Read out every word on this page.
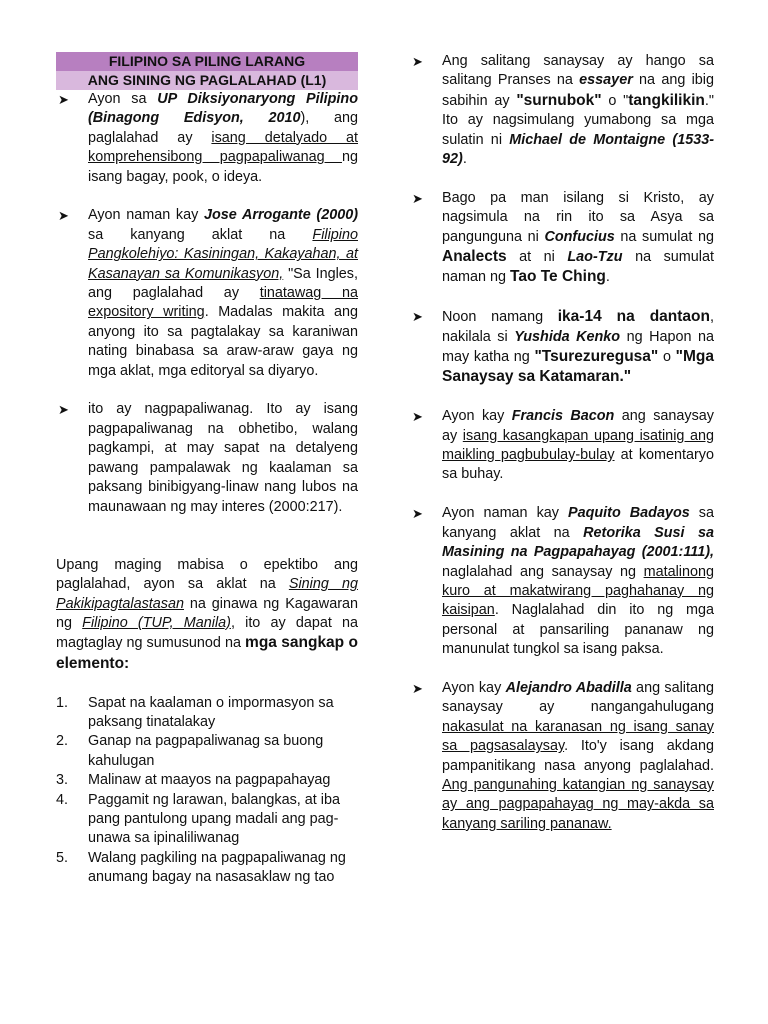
FILIPINO SA PILING LARANG
ANG SINING NG PAGLALAHAD (L1)
➤ Ayon sa UP Diksiyonaryong Pilipino (Binagong Edisyon, 2010), ang paglalahad ay isang detalyado at komprehensibong pagpapaliwanag ng isang bagay, pook, o ideya.
➤ Ayon naman kay Jose Arrogante (2000) sa kanyang aklat na Filipino Pangkolehiyo: Kasiningan, Kakayahan, at Kasanayan sa Komunikasyon, "Sa Ingles, ang paglalahad ay tinatawag na expository writing. Madalas makita ang anyong ito sa pagtalakay sa karaniwan nating binabasa sa araw-araw gaya ng mga aklat, mga editoryal sa diyaryo.
➤ ito ay nagpapaliwanag. Ito ay isang pagpapaliwanag na obhetibo, walang pagkampi, at may sapat na detalyeng pawang pampalawak ng kaalaman sa paksang binibigyang-linaw nang lubos na maunawaan ng may interes (2000:217).

Upang maging mabisa o epektibo ang paglalahad, ayon sa aklat na Sining ng Pakikipagtalastasan na ginawa ng Kagawaran ng Filipino (TUP, Manila), ito ay dapat na magtaglay ng sumusunod na mga sangkap o elemento:

1. Sapat na kaalaman o impormasyon sa paksang tinatalakay
2. Ganap na pagpapaliwanag sa buong kahulugan
3. Malinaw at maayos na pagpapahayag
4. Paggamit ng larawan, balangkas, at iba pang pantulong upang madali ang pag-unawa sa ipinaliliwanag
5. Walang pagkiling na pagpapaliwanag ng anumang bagay na nasasaklaw ng tao
➤ Ang salitang sanaysay ay hango sa salitang Pranses na essayer na ang ibig sabihin ay "surnubok" o "tangkilikin." Ito ay nagsimulang yumabong sa mga sulatin ni Michael de Montaigne (1533-92).
➤ Bago pa man isilang si Kristo, ay nagsimula na rin ito sa Asya sa pangunguna ni Confucius na sumulat ng Analects at ni Lao-Tzu na sumulat naman ng Tao Te Ching.
➤ Noon namang ika-14 na dantaon, nakilala si Yushida Kenko ng Hapon na may katha ng "Tsurezuregusa" o "Mga Sanaysay sa Katamaran."
➤ Ayon kay Francis Bacon ang sanaysay ay isang kasangkapan upang isatinig ang maikling pagbubulay-bulay at komentaryo sa buhay.
➤ Ayon naman kay Paquito Badayos sa kanyang aklat na Retorika Susi sa Masining na Pagpapahayag (2001:111), naglalahad ang sanaysay ng matalinong kuro at makatwirang paghahanay ng kaisipan. Naglalahad din ito ng mga personal at pansariling pananaw ng manunulat tungkol sa isang paksa.
➤ Ayon kay Alejandro Abadilla ang salitang sanaysay ay nangangahulugang nakasulat na karanasan ng isang sanay sa pagsasalaysay. Ito'y isang akdang pampanitikang nasa anyong paglalahad. Ang pangunahing katangian ng sanaysay ay ang pagpapahayag ng may-akda sa kanyang sariling pananaw.
